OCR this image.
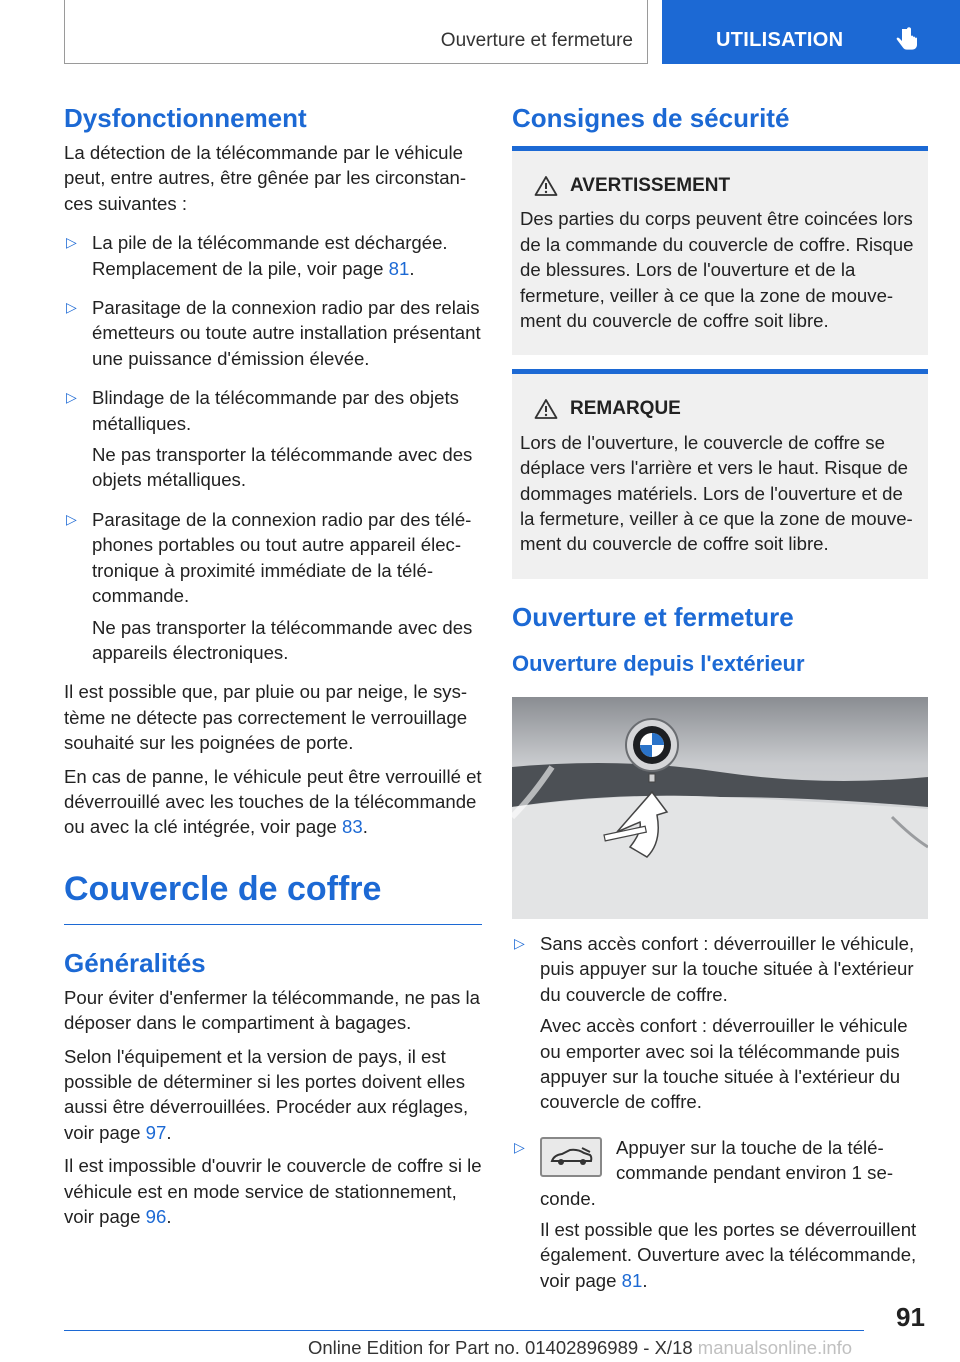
Ouverture et fermeture	UTILISATION
Dysfonctionnement

La détection de la télécommande par le véhicule peut, entre autres, être gênée par les circonstances suivantes :

▷ La pile de la télécommande est déchargée. Remplacement de la pile, voir page 81.

▷ Parasitage de la connexion radio par des relais émetteurs ou toute autre installation présentant une puissance d'émission élevée.

▷ Blindage de la télécommande par des objets métalliques.

Ne pas transporter la télécommande avec des objets métalliques.

▷ Parasitage de la connexion radio par des téléphones portables ou tout autre appareil électronique à proximité immédiate de la télécommande.

Ne pas transporter la télécommande avec des appareils électroniques.

Il est possible que, par pluie ou par neige, le système ne détecte pas correctement le verrouillage souhaité sur les poignées de porte.

En cas de panne, le véhicule peut être verrouillé et déverrouillé avec les touches de la télécommande ou avec la clé intégrée, voir page 83.

Couvercle de coffre
Généralités

Pour éviter d'enfermer la télécommande, ne pas la déposer dans le compartiment à bagages.

Selon l'équipement et la version de pays, il est possible de déterminer si les portes doivent elles aussi être déverrouillées. Procéder aux réglages, voir page 97.

Il est impossible d'ouvrir le couvercle de coffre si le véhicule est en mode service de stationnement, voir page 96.

Consignes de sécurité
AVERTISSEMENT
Des parties du corps peuvent être coincées lors de la commande du couvercle de coffre. Risque de blessures. Lors de l'ouverture et de la fermeture, veiller à ce que la zone de mouvement du couvercle de coffre soit libre.
REMARQUE
Lors de l'ouverture, le couvercle de coffre se déplace vers l'arrière et vers le haut. Risque de dommages matériels. Lors de l'ouverture et de la fermeture, veiller à ce que la zone de mouvement du couvercle de coffre soit libre.
Ouverture et fermeture
Ouverture depuis l'extérieur
▷ Sans accès confort : déverrouiller le véhicule, puis appuyer sur la touche située à l'extérieur du couvercle de coffre.

Avec accès confort : déverrouiller le véhicule ou emporter avec soi la télécommande puis appuyer sur la touche située à l'extérieur du couvercle de coffre.

▷	Appuyer sur la touche de la télécommande pendant environ 1 seconde.

Il est possible que les portes se déverrouillent également. Ouverture avec la télécommande, voir page 81.

91
Online Edition for Part no. 01402896989 - X/18 manualsonline.info
